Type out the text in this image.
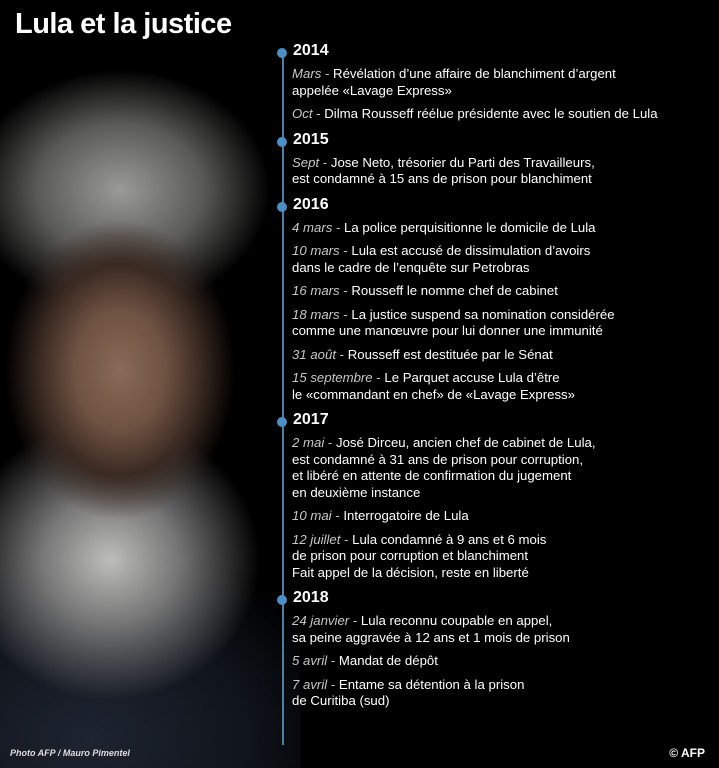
Lula et la justice
2014
Mars - Révélation d’une affaire de blanchiment d’argent
appelée «Lavage Express»
Oct - Dilma Rousseff réélue présidente avec le soutien de Lula
2015
Sept - Jose Neto, trésorier du Parti des Travailleurs,
est condamné à 15 ans de prison pour blanchiment
2016
4 mars - La police perquisitionne le domicile de Lula
10 mars - Lula est accusé de dissimulation d’avoirs
dans le cadre de l’enquête sur Petrobras
16 mars - Rousseff le nomme chef de cabinet
18 mars - La justice suspend sa nomination considérée
comme une manœuvre pour lui donner une immunité
31 août - Rousseff est destituée par le Sénat
15 septembre - Le Parquet accuse Lula d’être
le «commandant en chef» de «Lavage Express»
2017
2 mai - José Dirceu, ancien chef de cabinet de Lula,
est condamné à 31 ans de prison pour corruption,
et libéré en attente de confirmation du jugement
en deuxième instance
10 mai - Interrogatoire de Lula
12 juillet - Lula condamné à 9 ans et 6 mois
de prison pour corruption et blanchiment
Fait appel de la décision, reste en liberté
2018
24 janvier - Lula reconnu coupable en appel,
sa peine aggravée à 12 ans et 1 mois de prison
5 avril - Mandat de dépôt
7 avril - Entame sa détention à la prison
de Curitiba (sud)
Photo AFP / Mauro Pimentel	© AFP
